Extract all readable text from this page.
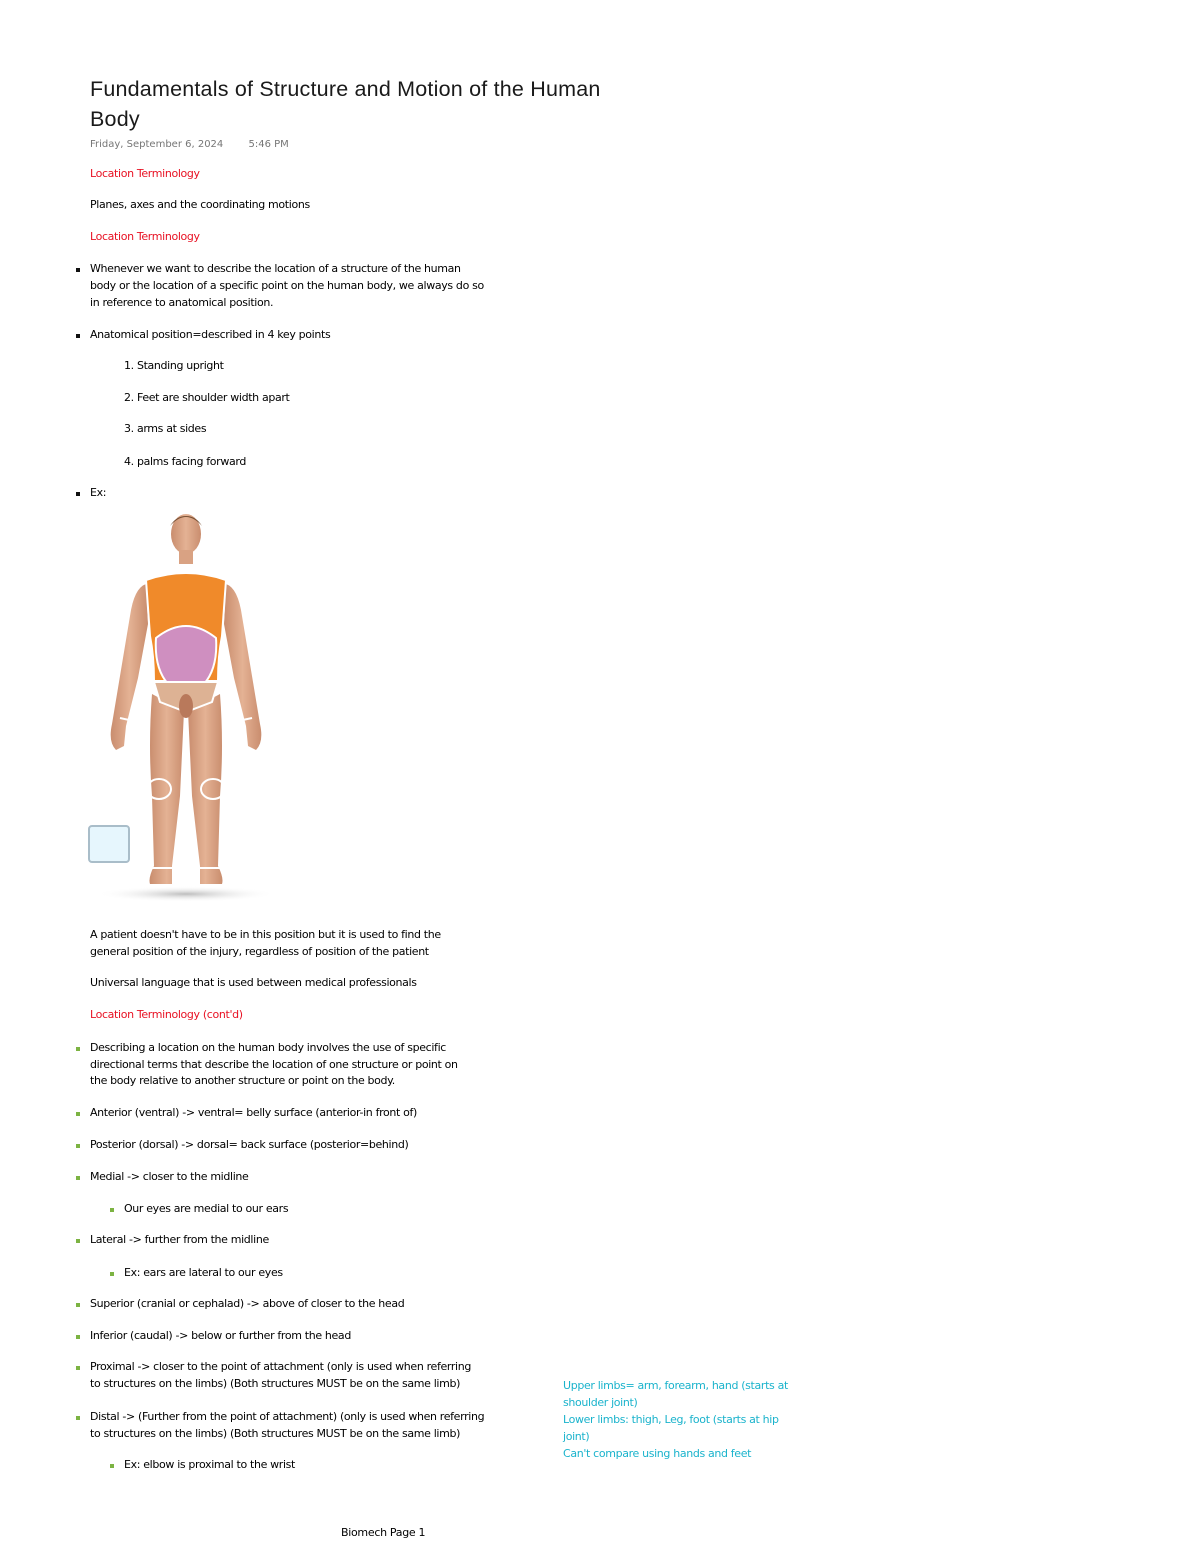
Fundamentals of Structure and Motion of the Human Body
Friday, September 6, 2024	5:46 PM
Location Terminology
Planes, axes and the coordinating motions
Location Terminology
Whenever we want to describe the location of a structure of the human
body or the location of a specific point on the human body, we always do so
in reference to anatomical position.
Anatomical position=described in 4 key points
1. Standing upright
2. Feet are shoulder width apart
3. arms at sides
4. palms facing forward
Ex:
A patient doesn't have to be in this position but it is used to find the
general position of the injury, regardless of position of the patient
Universal language that is used between medical professionals
Location Terminology (cont'd)
Describing a location on the human body involves the use of specific
directional terms that describe the location of one structure or point on
the body relative to another structure or point on the body.
Anterior (ventral) -> ventral= belly surface (anterior-in front of)
Posterior (dorsal) -> dorsal= back surface (posterior=behind)
Medial -> closer to the midline
Our eyes are medial to our ears
Lateral -> further from the midline
Ex: ears are lateral to our eyes
Superior (cranial or cephalad) -> above of closer to the head
Inferior (caudal) -> below or further from the head
Proximal -> closer to the point of attachment (only is used when referring
to structures on the limbs) (Both structures MUST be on the same limb)
Distal -> (Further from the point of attachment) (only is used when referring
to structures on the limbs) (Both structures MUST be on the same limb)
Ex: elbow is proximal to the wrist
Upper limbs= arm, forearm, hand (starts at
shoulder joint)
Lower limbs: thigh, Leg, foot (starts at hip
joint)
Can't compare using hands and feet
Biomech Page 1
